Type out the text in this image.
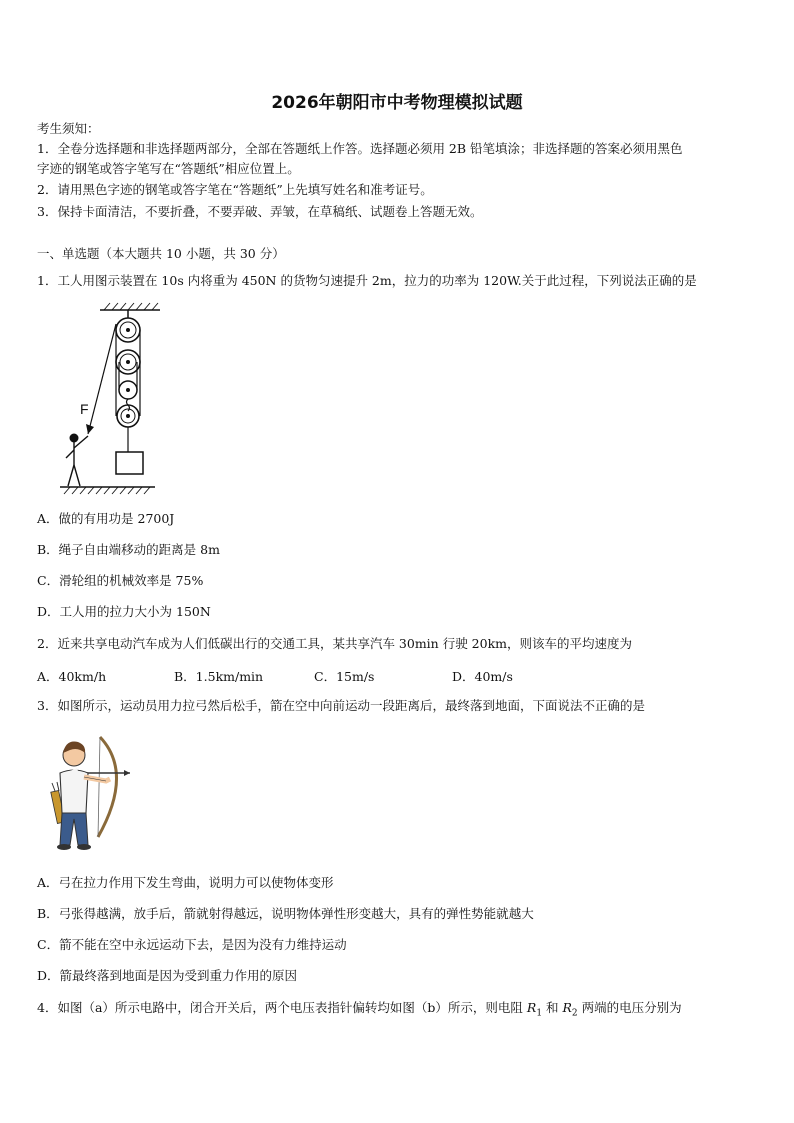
2026年朝阳市中考物理模拟试题
考生须知：
1．全卷分选择题和非选择题两部分，全部在答题纸上作答。选择题必须用 2B 铅笔填涂；非选择题的答案必须用黑色
字迹的钢笔或答字笔写在“答题纸”相应位置上。
2．请用黑色字迹的钢笔或答字笔在“答题纸”上先填写姓名和准考证号。
3．保持卡面清洁，不要折叠，不要弄破、弄皱，在草稿纸、试题卷上答题无效。
一、单选题（本大题共 10 小题，共 30 分）
1．工人用图示装置在 10s 内将重为 450N 的货物匀速提升 2m，拉力的功率为 120W.关于此过程，下列说法正确的是
F
A．做的有用功是 2700J
B．绳子自由端移动的距离是 8m
C．滑轮组的机械效率是 75%
D．工人用的拉力大小为 150N
2．近来共享电动汽车成为人们低碳出行的交通工具，某共享汽车 30min 行驶 20km，则该车的平均速度为
A．40km/h	B．1.5km/min	C．15m/s	D．40m/s
3．如图所示，运动员用力拉弓然后松手，箭在空中向前运动一段距离后，最终落到地面，下面说法不正确的是
A．弓在拉力作用下发生弯曲，说明力可以使物体变形
B．弓张得越满，放手后，箭就射得越远，说明物体弹性形变越大，具有的弹性势能就越大
C．箭不能在空中永远运动下去，是因为没有力维持运动
D．箭最终落到地面是因为受到重力作用的原因
4．如图（a）所示电路中，闭合开关后，两个电压表指针偏转均如图（b）所示，则电阻 $R_1$ 和 $R_2$ 两端的电压分别为
